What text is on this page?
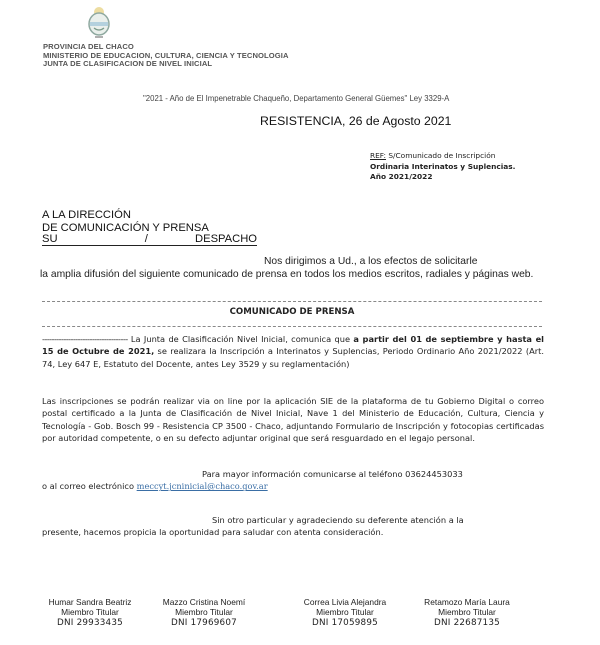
PROVINCIA DEL CHACO
MINISTERIO DE EDUCACION, CULTURA, CIENCIA Y TECNOLOGIA
JUNTA DE CLASIFICACION DE NIVEL INICIAL
"2021 - Año de El Impenetrable Chaqueño, Departamento General Güemes" Ley 3329-A
RESISTENCIA, 26 de Agosto 2021
REF: S/Comunicado de Inscripción
Ordinaria Interinatos y Suplencias.
Año 2021/2022
A LA DIRECCIÓN
DE COMUNICACIÓN Y PRENSA
SU	/	DESPACHO
Nos dirigimos a Ud., a los efectos de solicitarle
la amplia difusión del siguiente comunicado de prensa en todos los medios escritos, radiales y páginas web.
COMUNICADO DE PRENSA
------------------------------------ La Junta de Clasificación Nivel Inicial, comunica que a partir del 01 de septiembre y hasta el 15 de Octubre de 2021, se realizara la Inscripción a Interinatos y Suplencias, Periodo Ordinario Año 2021/2022 (Art. 74, Ley 647 E, Estatuto del Docente, antes Ley 3529 y su reglamentación)
Las inscripciones se podrán realizar via on line por la aplicación SIE de la plataforma de tu Gobierno Digital o correo postal certificado a la Junta de Clasificación de Nivel Inicial, Nave 1 del Ministerio de Educación, Cultura, Ciencia y Tecnología - Gob. Bosch 99 - Resistencia CP 3500 - Chaco, adjuntando Formulario de Inscripción y fotocopias certificadas por autoridad competente, o en su defecto adjuntar original que será resguardado en el legajo personal.
Para mayor información comunicarse al teléfono 03624453033
o al correo electrónico meccyt.jcninicial@chaco.gov.ar
Sin otro particular y agradeciendo su deferente atención a la
presente, hacemos propicia la oportunidad para saludar con atenta consideración.
Humar Sandra Beatriz
Miembro Titular
DNI 29933435
Mazzo Cristina Noemí
Miembro Titular
DNI 17969607
Correa Livia Alejandra
Miembro Titular
DNI 17059895
Retamozo María Laura
Miembro Titular
DNI 22687135
